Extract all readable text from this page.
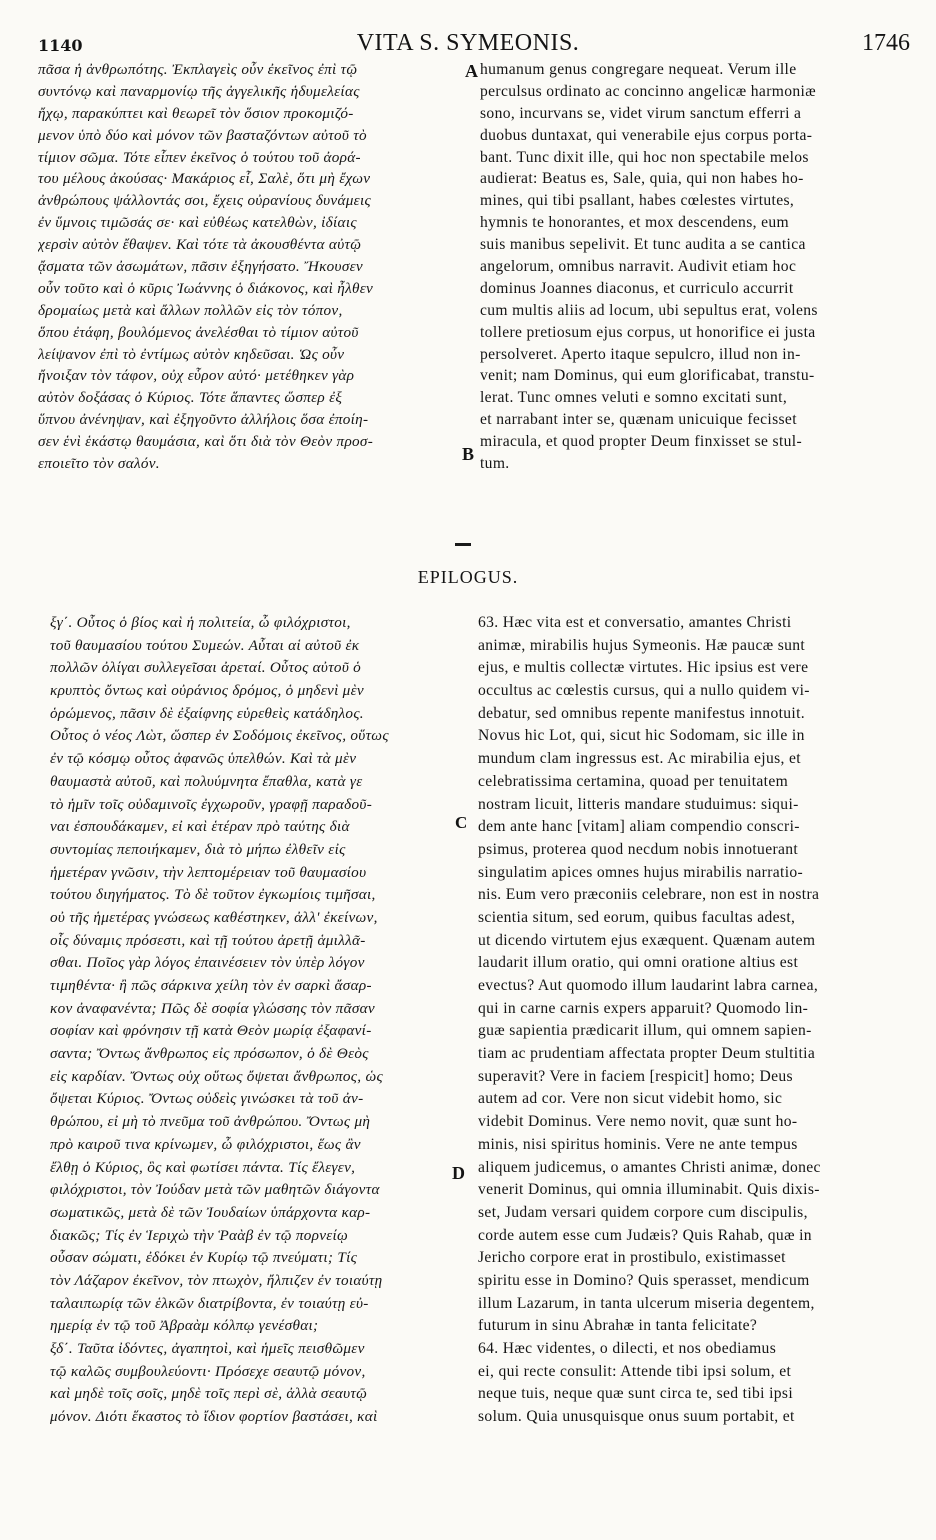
1140	VITA S. SYMEONIS.	1746
πᾶσα ἡ ἀνθρωπότης. Ἐκπλαγεὶς οὖν ἐκεῖνος ἐπὶ τῷ
συντόνῳ καὶ παναρμονίῳ τῆς ἀγγελικῆς ἡδυμελείας
ἤχῳ, παρακύπτει καὶ θεωρεῖ τὸν ὅσιον προκομιζό-
μενον ὑπὸ δύο καὶ μόνον τῶν βασταζόντων αὐτοῦ τὸ
τίμιον σῶμα. Τότε εἶπεν ἐκεῖνος ὁ τούτου τοῦ ἀορά-
του μέλους ἀκούσας· Μακάριος εἶ, Σαλὲ, ὅτι μὴ ἔχων
ἀνθρώπους ψάλλοντάς σοι, ἔχεις οὐρανίους δυνάμεις
ἐν ὕμνοις τιμῶσάς σε· καὶ εὐθέως κατελθὼν, ἰδίαις
χερσὶν αὐτὸν ἔθαψεν. Καὶ τότε τὰ ἀκουσθέντα αὐτῷ
ᾄσματα τῶν ἀσωμάτων, πᾶσιν ἐξηγήσατο. Ἤκουσεν
οὖν τοῦτο καὶ ὁ κῦρις Ἰωάννης ὁ διάκονος, καὶ ἦλθεν
δρομαίως μετὰ καὶ ἄλλων πολλῶν εἰς τὸν τόπον,
ὅπου ἐτάφη, βουλόμενος ἀνελέσθαι τὸ τίμιον αὐτοῦ
λείψανον ἐπὶ τὸ ἐντίμως αὐτὸν κηδεῦσαι. Ὡς οὖν
ἤνοιξαν τὸν τάφον, οὐχ εὗρον αὐτό· μετέθηκεν γὰρ
αὐτὸν δοξάσας ὁ Κύριος. Τότε ἅπαντες ὥσπερ ἐξ
ὕπνου ἀνένηψαν, καὶ ἐξηγοῦντο ἀλλήλοις ὅσα ἐποίη-
σεν ἑνὶ ἑκάστῳ θαυμάσια, καὶ ὅτι διὰ τὸν Θεὸν προσ-
εποιεῖτο τὸν σαλόν.
humanum genus congregare nequeat. Verum ille
perculsus ordinato ac concinno angelicæ harmoniæ
sono, incurvans se, videt virum sanctum efferri a
duobus duntaxat, qui venerabile ejus corpus porta-
bant. Tunc dixit ille, qui hoc non spectabile melos
audierat: Beatus es, Sale, quia, qui non habes ho-
mines, qui tibi psallant, habes cœlestes virtutes,
hymnis te honorantes, et mox descendens, eum
suis manibus sepelivit. Et tunc audita a se cantica
angelorum, omnibus narravit. Audivit etiam hoc
dominus Joannes diaconus, et curriculo accurrit
cum multis aliis ad locum, ubi sepultus erat, volens
tollere pretiosum ejus corpus, ut honorifice ei justa
persolveret. Aperto itaque sepulcro, illud non in-
venit; nam Dominus, qui eum glorificabat, transtu-
lerat. Tunc omnes veluti e somno excitati sunt,
et narrabant inter se, quænam unicuique fecisset
miracula, et quod propter Deum finxisset se stul-
tum.
A
B
EPILOGUS.
ξγ΄. Οὗτος ὁ βίος καὶ ἡ πολιτεία, ὦ φιλόχριστοι,
τοῦ θαυμασίου τούτου Συμεών. Αὗται αἱ αὐτοῦ ἐκ
πολλῶν ὀλίγαι συλλεγεῖσαι ἀρεταί. Οὗτος αὐτοῦ ὁ
κρυπτὸς ὄντως καὶ οὐράνιος δρόμος, ὁ μηδενὶ μὲν
ὁρώμενος, πᾶσιν δὲ ἐξαίφνης εὑρεθεὶς κατάδηλος.
Οὗτος ὁ νέος Λὼτ, ὥσπερ ἐν Σοδόμοις ἐκεῖνος, οὕτως
ἐν τῷ κόσμῳ οὗτος ἀφανῶς ὑπελθών. Καὶ τὰ μὲν
θαυμαστὰ αὐτοῦ, καὶ πολυύμνητα ἔπαθλα, κατὰ γε
τὸ ἡμῖν τοῖς οὐδαμινοῖς ἐγχωροῦν, γραφῇ παραδοῦ-
ναι ἐσπουδάκαμεν, εἰ καὶ ἑτέραν πρὸ ταύτης διὰ
συντομίας πεποιήκαμεν, διὰ τὸ μήπω ἐλθεῖν εἰς
ἡμετέραν γνῶσιν, τὴν λεπτομέρειαν τοῦ θαυμασίου
τούτου διηγήματος. Τὸ δὲ τοῦτον ἐγκωμίοις τιμῆσαι,
οὐ τῆς ἡμετέρας γνώσεως καθέστηκεν, ἀλλ' ἐκείνων,
οἷς δύναμις πρόσεστι, καὶ τῇ τούτου ἀρετῇ ἁμιλλᾶ-
σθαι. Ποῖος γὰρ λόγος ἐπαινέσειεν τὸν ὑπὲρ λόγον
τιμηθέντα· ἢ πῶς σάρκινα χείλη τὸν ἐν σαρκὶ ἄσαρ-
κον ἀναφανέντα; Πῶς δὲ σοφία γλώσσης τὸν πᾶσαν
σοφίαν καὶ φρόνησιν τῇ κατὰ Θεὸν μωρίᾳ ἐξαφανί-
σαντα; Ὄντως ἄνθρωπος εἰς πρόσωπον, ὁ δὲ Θεὸς
εἰς καρδίαν. Ὄντως οὐχ οὕτως ὄψεται ἄνθρωπος, ὡς
ὄψεται Κύριος. Ὄντως οὐδεὶς γινώσκει τὰ τοῦ ἀν-
θρώπου, εἰ μὴ τὸ πνεῦμα τοῦ ἀνθρώπου. Ὄντως μὴ
πρὸ καιροῦ τινα κρίνωμεν, ὦ φιλόχριστοι, ἕως ἂν
ἔλθῃ ὁ Κύριος, ὃς καὶ φωτίσει πάντα. Τίς ἔλεγεν,
φιλόχριστοι, τὸν Ἰούδαν μετὰ τῶν μαθητῶν διάγοντα
σωματικῶς, μετὰ δὲ τῶν Ἰουδαίων ὑπάρχοντα καρ-
διακῶς; Τίς ἐν Ἱεριχὼ τὴν Ῥαὰβ ἐν τῷ πορνείῳ
οὖσαν σώματι, ἐδόκει ἐν Κυρίῳ τῷ πνεύματι; Τίς
τὸν Λάζαρον ἐκεῖνον, τὸν πτωχὸν, ἤλπιζεν ἐν τοιαύτῃ
ταλαιπωρίᾳ τῶν ἑλκῶν διατρίβοντα, ἐν τοιαύτῃ εὐ-
ημερίᾳ ἐν τῷ τοῦ Ἀβραὰμ κόλπῳ γενέσθαι;
ξδ΄. Ταῦτα ἰδόντες, ἀγαπητοὶ, καὶ ἡμεῖς πεισθῶμεν
τῷ καλῶς συμβουλεύοντι· Πρόσεχε σεαυτῷ μόνον,
καὶ μηδὲ τοῖς σοῖς, μηδὲ τοῖς περὶ σὲ, ἀλλὰ σεαυτῷ
μόνον. Διότι ἕκαστος τὸ ἴδιον φορτίον βαστάσει, καὶ
63. Hæc vita est et conversatio, amantes Christi
animæ, mirabilis hujus Symeonis. Hæ paucæ sunt
ejus, e multis collectæ virtutes. Hic ipsius est vere
occultus ac cœlestis cursus, qui a nullo quidem vi-
debatur, sed omnibus repente manifestus innotuit.
Novus hic Lot, qui, sicut hic Sodomam, sic ille in
mundum clam ingressus est. Ac mirabilia ejus, et
celebratissima certamina, quoad per tenuitatem
nostram licuit, litteris mandare studuimus: siqui-
dem ante hanc [vitam] aliam compendio conscri-
psimus, proterea quod necdum nobis innotuerant
singulatim apices omnes hujus mirabilis narratio-
nis. Eum vero præconiis celebrare, non est in nostra
scientia situm, sed eorum, quibus facultas adest,
ut dicendo virtutem ejus exæquent. Quænam autem
laudarit illum oratio, qui omni oratione altius est
evectus? Aut quomodo illum laudarint labra carnea,
qui in carne carnis expers apparuit? Quomodo lin-
guæ sapientia prædicarit illum, qui omnem sapien-
tiam ac prudentiam affectata propter Deum stultitia
superavit? Vere in faciem [respicit] homo; Deus
autem ad cor. Vere non sicut videbit homo, sic
videbit Dominus. Vere nemo novit, quæ sunt ho-
minis, nisi spiritus hominis. Vere ne ante tempus
aliquem judicemus, o amantes Christi animæ, donec
venerit Dominus, qui omnia illuminabit. Quis dixis-
set, Judam versari quidem corpore cum discipulis,
corde autem esse cum Judæis? Quis Rahab, quæ in
Jericho corpore erat in prostibulo, existimasset
spiritu esse in Domino? Quis sperasset, mendicum
illum Lazarum, in tanta ulcerum miseria degentem,
futurum in sinu Abrahæ in tanta felicitate?
64. Hæc videntes, o dilecti, et nos obediamus
ei, qui recte consulit: Attende tibi ipsi solum, et
neque tuis, neque quæ sunt circa te, sed tibi ipsi
solum. Quia unusquisque onus suum portabit, et
C
D
